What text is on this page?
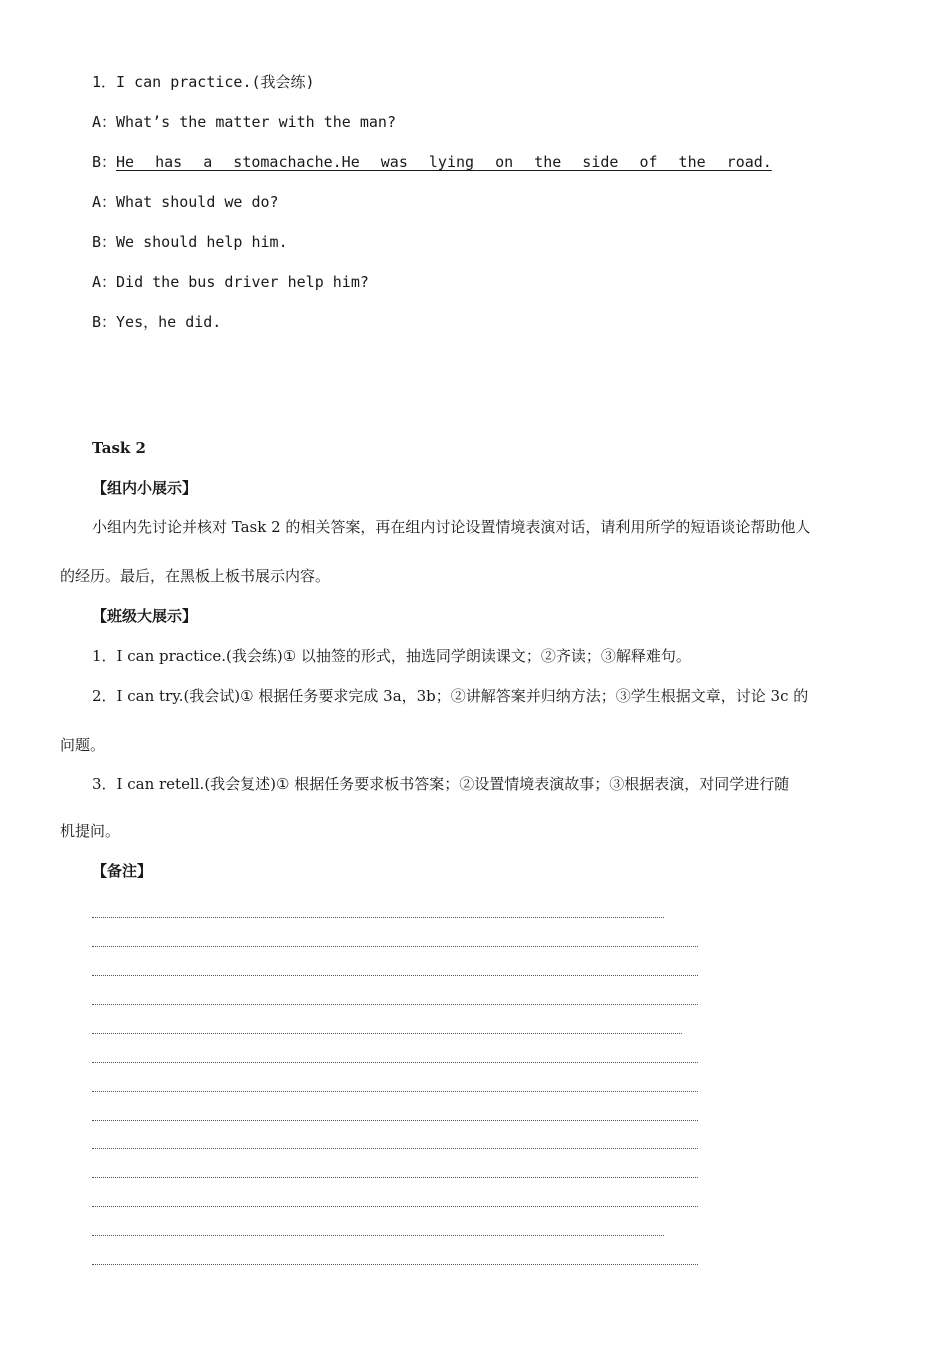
1．I can practice.(我会练)
A：What’s the matter with the man?
B：He has a stomachache.He was lying on the side of the road.
A：What should we do?
B：We should help him.
A：Did the bus driver help him?
B：Yes，he did.
Task 2
【组内小展示】
小组内先讨论并核对 Task 2 的相关答案，再在组内讨论设置情境表演对话，请利用所学的短语谈论帮助他人
的经历。最后，在黑板上板书展示内容。
【班级大展示】
1．I can practice.(我会练)① 以抽签的形式，抽选同学朗读课文；②齐读；③解释难句。
2．I can try.(我会试)① 根据任务要求完成 3a，3b；②讲解答案并归纳方法；③学生根据文章，讨论 3c 的
问题。
3．I can retell.(我会复述)① 根据任务要求板书答案；②设置情境表演故事；③根据表演，对同学进行随
机提问。
【备注】
